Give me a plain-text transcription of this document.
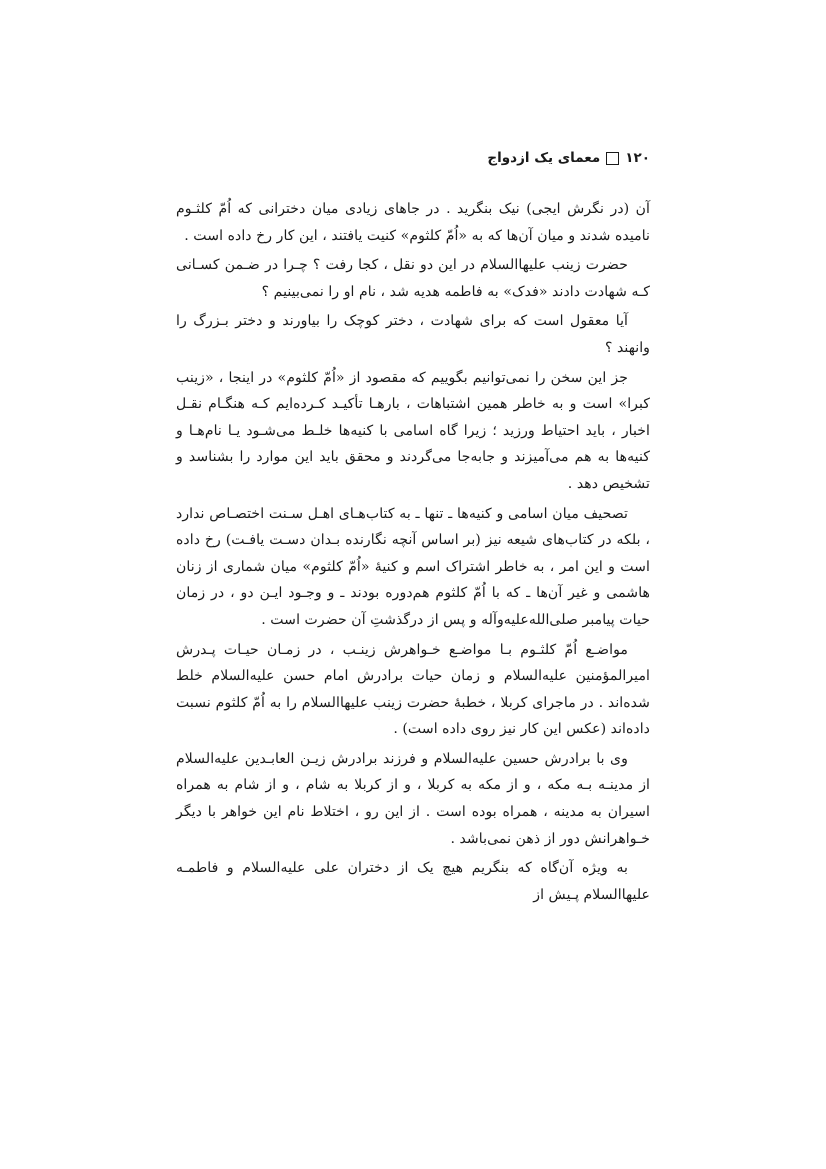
۱۲۰
معمای یک ازدواج

آن (در نگرش ایجی) نیک بنگرید . در جاهای زیادی میان دخترانی که اُمّ کلثـوم نامیده شدند و میان آن‌ها که به «اُمّ کلثوم» کنیت یافتند ، این کار رخ داده است .

حضرت زینب عليها‌السلام در این دو نقل ، کجا رفت ؟ چـرا در ضـمن کسـانی کـه شهادت دادند «فدک» به فاطمه هدیه شد ، نام او را نمی‌بینیم ؟

آیا معقول است که برای شهادت ، دختر کوچک را بیاورند و دختر بـزرگ را وانهند ؟

جز این سخن را نمی‌توانیم بگوییم که مقصود از «اُمّ کلثوم» در اینجا ، «زینب کبرا» است و به خاطر همین اشتباهات ، بارهـا تأکیـد کـرده‌ایم کـه هنگـام نقـل اخبار ، باید احتیاط ورزید ؛ زیرا گاه اسامی با کنیه‌ها خلـط می‌شـود یـا نام‌هـا و کنیه‌ها به هم می‌آمیزند و جابه‌جا می‌گردند و محقق باید این موارد را بشناسد و تشخیص دهد .

تصحیف میان اسامی و کنیه‌ها ـ تنها ـ به کتاب‌هـای اهـل سـنت اختصـاص ندارد ، بلکه در کتاب‌های شیعه نیز (بر اساس آنچه نگارنده بـدان دسـت یافـت) رخ داده است و این امر ، به خاطر اشتراک اسم و کنیهٔ «اُمّ کلثوم» میان شماری از زنان هاشمی و غیر آن‌ها ـ که با اُمّ کلثوم هم‌دوره بودند ـ و وجـود ایـن دو ، در زمان حیات پیامبر صلى‌الله‌عليه‌وآله و پس از درگذشتِ آن حضرت است .

مواضـع اُمّ کلثـوم بـا مواضـع خـواهرش زینـب ، در زمـان حیـات پـدرش امیرالمؤمنین عليه‌السلام و زمان حیات برادرش امام حسن عليه‌السلام خلط شده‌اند . در ماجرای کربلا ، خطبهٔ حضرت زینب عليها‌السلام را به اُمّ کلثوم نسبت داده‌اند (عکس این کار نیز روی داده است) .

وی با برادرش حسین عليه‌السلام و فرزند برادرش زیـن العابـدین عليه‌السلام از مدینـه بـه مکه ، و از مکه به کربلا ، و از کربلا به شام ، و از شام به همراه اسیران به مدینه ، همراه بوده است . از این رو ، اختلاط نام این خواهر با دیگر خـواهرانش دور از ذهن نمی‌باشد .

به ویژه آن‌گاه که بنگریم هیچ یک از دختران علی عليه‌السلام و فاطمـه عليها‌السلام پـیش از
